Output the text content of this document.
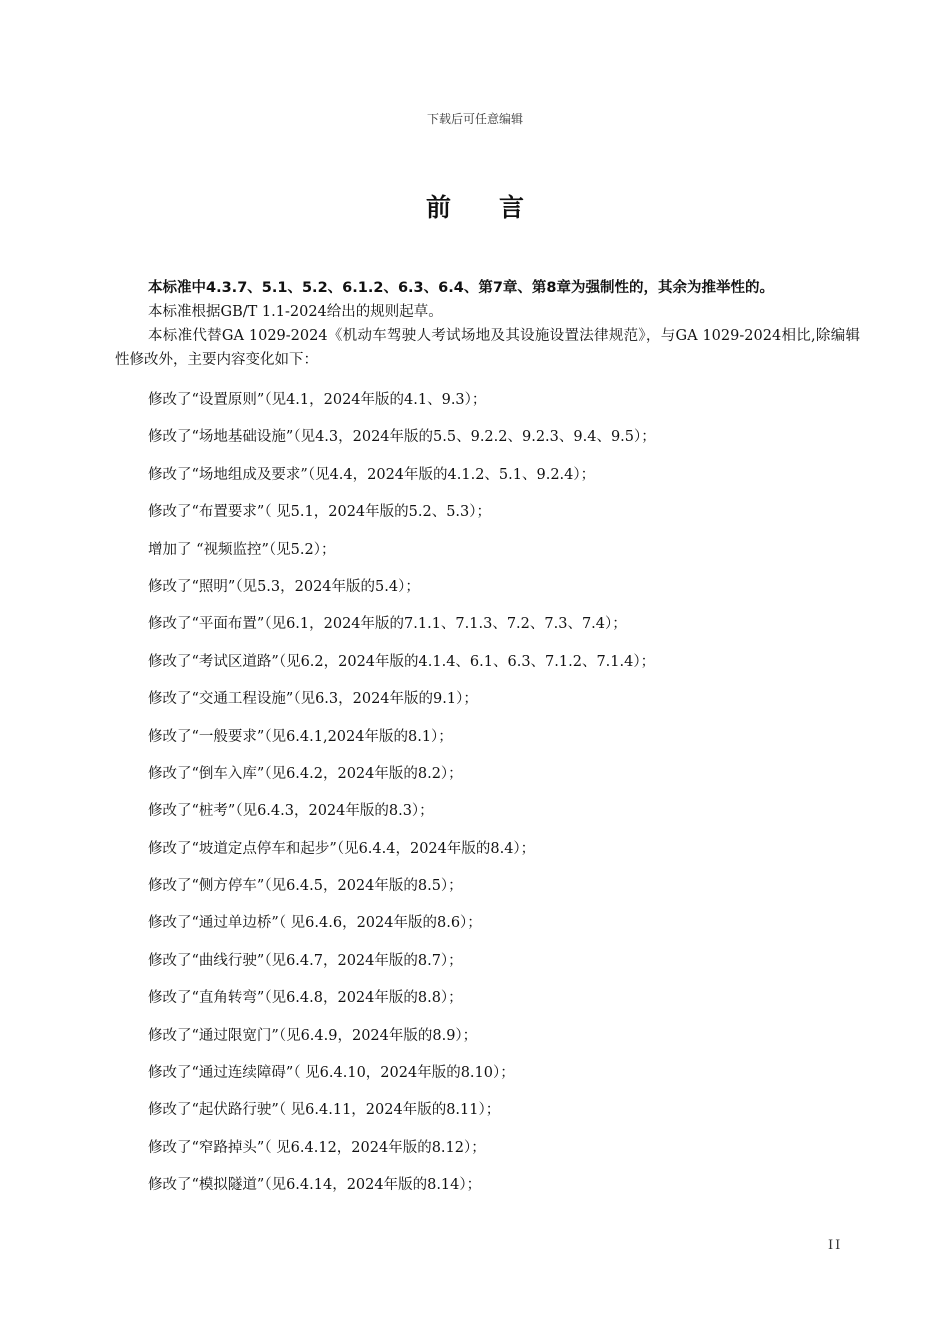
下载后可任意编辑
前言

本标准中4.3.7、5.1、5.2、6.1.2、6.3、6.4、第7章、第8章为强制性的，其余为推举性的。

本标准根据GB/T 1.1-2024给出的规则起草。

本标准代替GA 1029-2024《机动车驾驶人考试场地及其设施设置法律规范》，与GA 1029-2024相比,除编辑性修改外，主要内容变化如下：

修改了“设置原则”（见4.1，2024年版的4.1、9.3）；
修改了“场地基础设施”（见4.3，2024年版的5.5、9.2.2、9.2.3、9.4、9.5）；
修改了“场地组成及要求”（见4.4，2024年版的4.1.2、5.1、9.2.4）；
修改了“布置要求”（ 见5.1，2024年版的5.2、5.3）；
增加了 “视频监控”（见5.2）；
修改了“照明”（见5.3，2024年版的5.4）；
修改了“平面布置”（见6.1，2024年版的7.1.1、7.1.3、7.2、7.3、7.4）；
修改了“考试区道路”（见6.2，2024年版的4.1.4、6.1、6.3、7.1.2、7.1.4）；
修改了“交通工程设施”（见6.3，2024年版的9.1）；
修改了“一般要求”（见6.4.1,2024年版的8.1）；
修改了“倒车入库”（见6.4.2，2024年版的8.2）；
修改了“桩考”（见6.4.3，2024年版的8.3）；
修改了“坡道定点停车和起步”（见6.4.4，2024年版的8.4）；
修改了“侧方停车”（见6.4.5，2024年版的8.5）；
修改了“通过单边桥”（ 见6.4.6，2024年版的8.6）；
修改了“曲线行驶”（见6.4.7，2024年版的8.7）；
修改了“直角转弯”（见6.4.8，2024年版的8.8）；
修改了“通过限宽门”（见6.4.9，2024年版的8.9）；
修改了“通过连续障碍”（ 见6.4.10，2024年版的8.10）；
修改了“起伏路行驶”（ 见6.4.11，2024年版的8.11）；
修改了“窄路掉头”（ 见6.4.12，2024年版的8.12）；
修改了“模拟隧道”（见6.4.14，2024年版的8.14）；
II
